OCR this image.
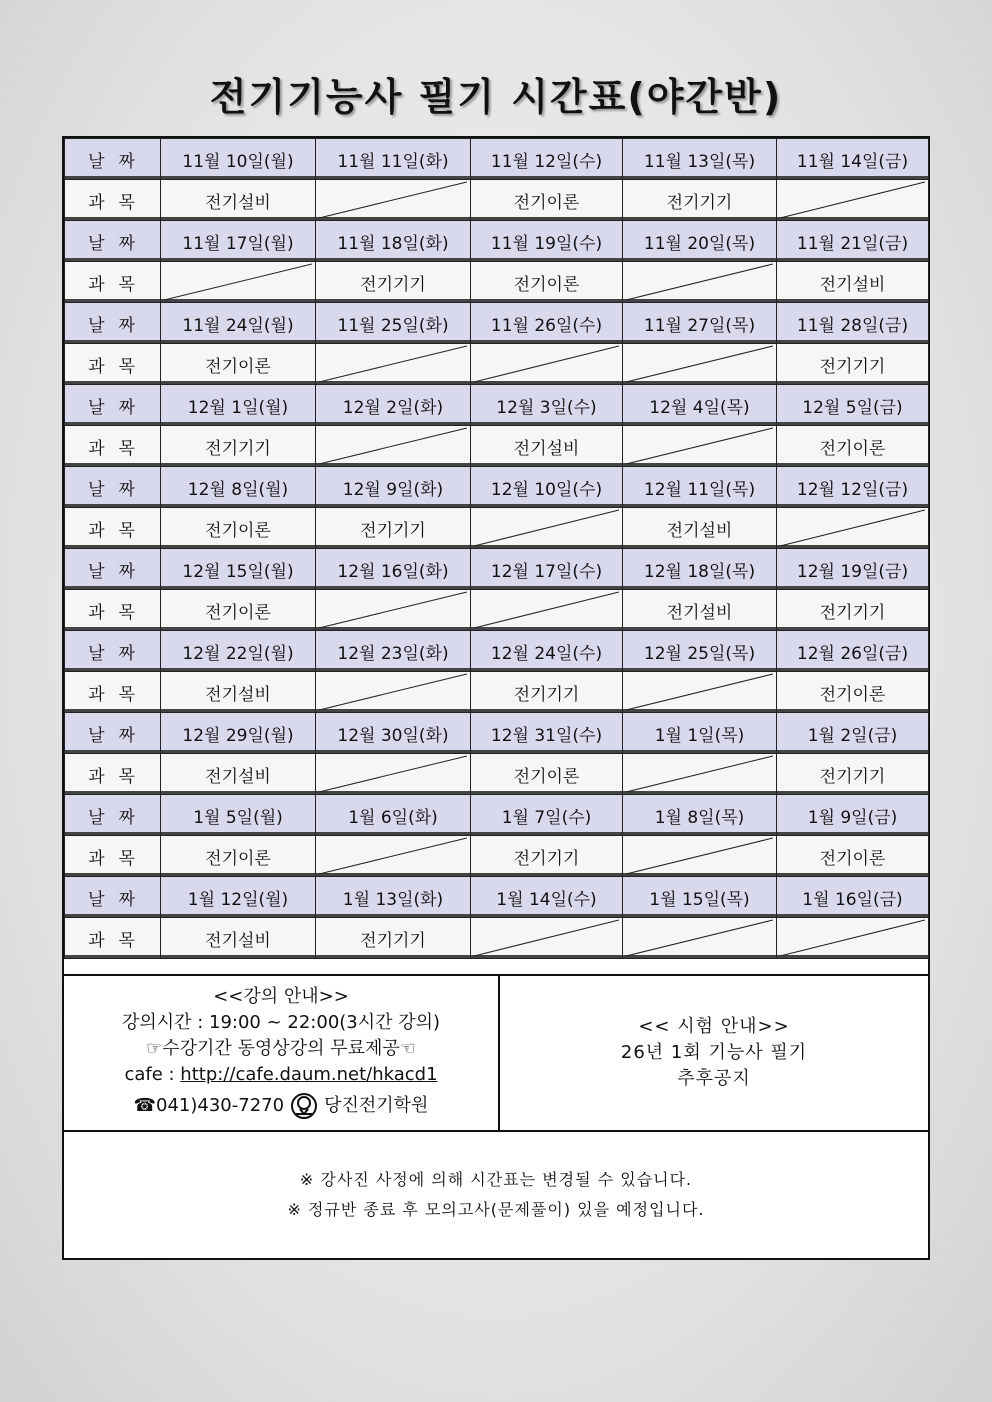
전기기능사 필기 시간표(야간반)
날짜	11월 10일(월)	11월 11일(화)	11월 12일(수)	11월 13일(목)	11월 14일(금)
과목	전기설비		전기이론	전기기기	

날짜	11월 17일(월)	11월 18일(화)	11월 19일(수)	11월 20일(목)	11월 21일(금)
과목		전기기기	전기이론		전기설비
날짜	11월 24일(월)	11월 25일(화)	11월 26일(수)	11월 27일(목)	11월 28일(금)
과목	전기이론				전기기기
날짜	12월 1일(월)	12월 2일(화)	12월 3일(수)	12월 4일(목)	12월 5일(금)
과목	전기기기		전기설비		전기이론
날짜	12월 8일(월)	12월 9일(화)	12월 10일(수)	12월 11일(목)	12월 12일(금)
과목	전기이론	전기기기		전기설비	

날짜	12월 15일(월)	12월 16일(화)	12월 17일(수)	12월 18일(목)	12월 19일(금)
과목	전기이론			전기설비	전기기기
날짜	12월 22일(월)	12월 23일(화)	12월 24일(수)	12월 25일(목)	12월 26일(금)
과목	전기설비		전기기기		전기이론
날짜	12월 29일(월)	12월 30일(화)	12월 31일(수)	1월 1일(목)	1월 2일(금)
과목	전기설비		전기이론		전기기기
날짜	1월 5일(월)	1월 6일(화)	1월 7일(수)	1월 8일(목)	1월 9일(금)
과목	전기이론		전기기기		전기이론
날짜	1월 12일(월)	1월 13일(화)	1월 14일(수)	1월 15일(목)	1월 16일(금)
과목	전기설비	전기기기	

<<강의 안내>>
강의시간 : 19:00 ~ 22:00(3시간 강의)
☞수강기간 동영상강의 무료제공☜
cafe : http://cafe.daum.net/hkacd1
☎041)430-7270 당진전기학원
<< 시험 안내>>
26년 1회 기능사 필기
추후공지
※ 강사진 사정에 의해 시간표는 변경될 수 있습니다.
※ 정규반 종료 후 모의고사(문제풀이) 있을 예정입니다.
